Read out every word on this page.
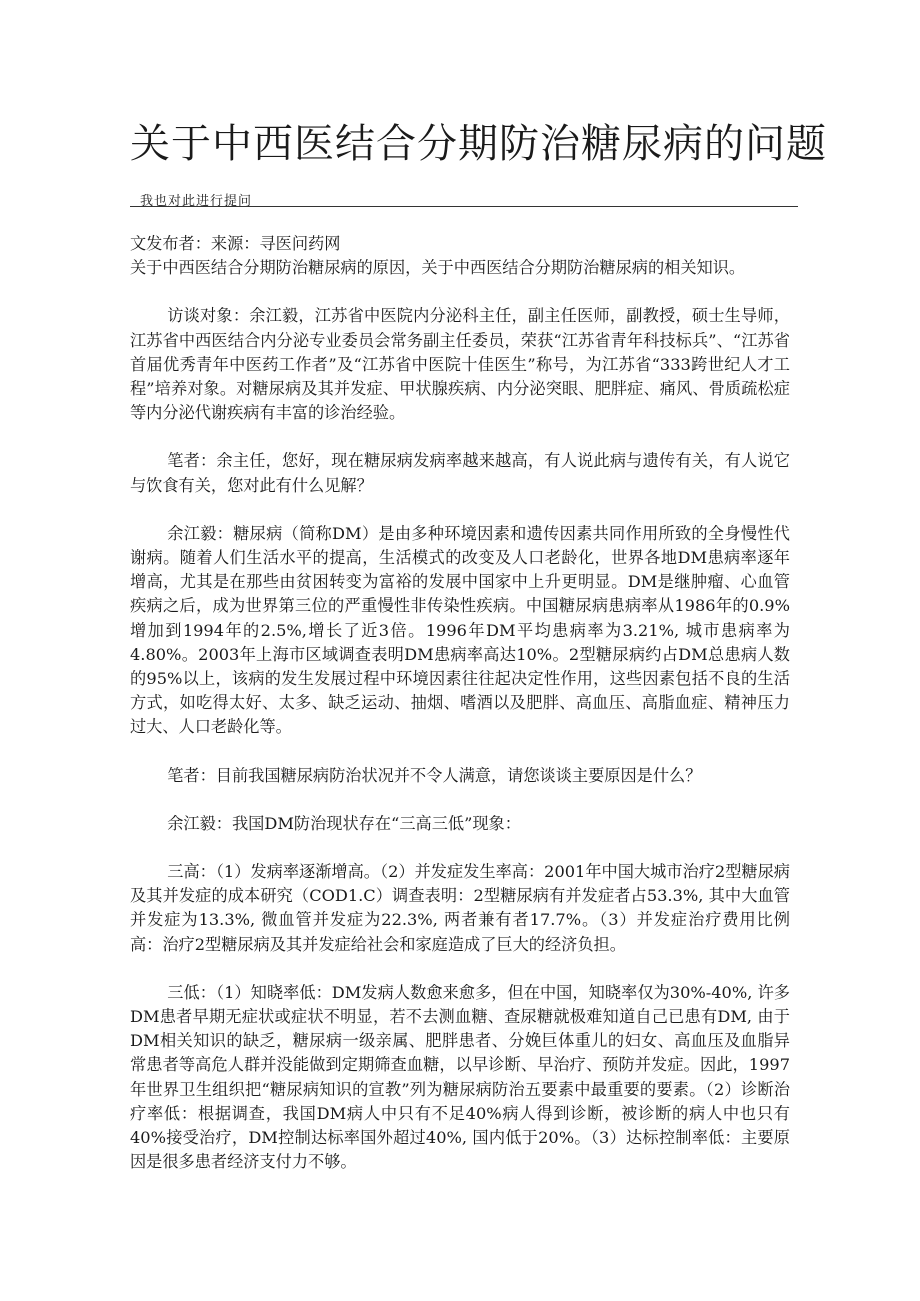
关于中西医结合分期防治糖尿病的问题
我也对此进行提问

文发布者：来源：寻医问药网

关于中西医结合分期防治糖尿病的原因，关于中西医结合分期防治糖尿病的相关知识。

访谈对象：余江毅，江苏省中医院内分泌科主任，副主任医师，副教授，硕士生导师，江苏省中西医结合内分泌专业委员会常务副主任委员，荣获“江苏省青年科技标兵”、“江苏省首届优秀青年中医药工作者”及“江苏省中医院十佳医生”称号，为江苏省“333跨世纪人才工程”培养对象。对糖尿病及其并发症、甲状腺疾病、内分泌突眼、肥胖症、痛风、骨质疏松症等内分泌代谢疾病有丰富的诊治经验。

笔者：余主任，您好，现在糖尿病发病率越来越高，有人说此病与遗传有关，有人说它与饮食有关，您对此有什么见解？

余江毅：糖尿病（简称DM）是由多种环境因素和遗传因素共同作用所致的全身慢性代谢病。随着人们生活水平的提高，生活模式的改变及人口老龄化，世界各地DM患病率逐年增高，尤其是在那些由贫困转变为富裕的发展中国家中上升更明显。DM是继肿瘤、心血管疾病之后，成为世界第三位的严重慢性非传染性疾病。中国糖尿病患病率从1986年的0.9%增加到1994年的2.5%,增长了近3倍。1996年DM平均患病率为3.21%, 城市患病率为4.80%。2003年上海市区域调查表明DM患病率高达10%。2型糖尿病约占DM总患病人数的95%以上，该病的发生发展过程中环境因素往往起决定性作用，这些因素包括不良的生活方式，如吃得太好、太多、缺乏运动、抽烟、嗜酒以及肥胖、高血压、高脂血症、精神压力过大、人口老龄化等。

笔者：目前我国糖尿病防治状况并不令人满意，请您谈谈主要原因是什么？

余江毅：我国DM防治现状存在“三高三低”现象：

三高：（1）发病率逐渐增高。（2）并发症发生率高：2001年中国大城市治疗2型糖尿病及其并发症的成本研究（COD1.C）调查表明：2型糖尿病有并发症者占53.3%, 其中大血管并发症为13.3%, 微血管并发症为22.3%, 两者兼有者17.7%。（3）并发症治疗费用比例高：治疗2型糖尿病及其并发症给社会和家庭造成了巨大的经济负担。

三低：（1）知晓率低：DM发病人数愈来愈多，但在中国，知晓率仅为30%-40%, 许多DM患者早期无症状或症状不明显，若不去测血糖、查尿糖就极难知道自己已患有DM, 由于DM相关知识的缺乏，糖尿病一级亲属、肥胖患者、分娩巨体重儿的妇女、高血压及血脂异常患者等高危人群并没能做到定期筛查血糖，以早诊断、早治疗、预防并发症。因此，1997年世界卫生组织把“糖尿病知识的宣教”列为糖尿病防治五要素中最重要的要素。（2）诊断治疗率低：根据调查，我国DM病人中只有不足40%病人得到诊断，被诊断的病人中也只有40%接受治疗，DM控制达标率国外超过40%, 国内低于20%。（3）达标控制率低：主要原因是很多患者经济支付力不够。
